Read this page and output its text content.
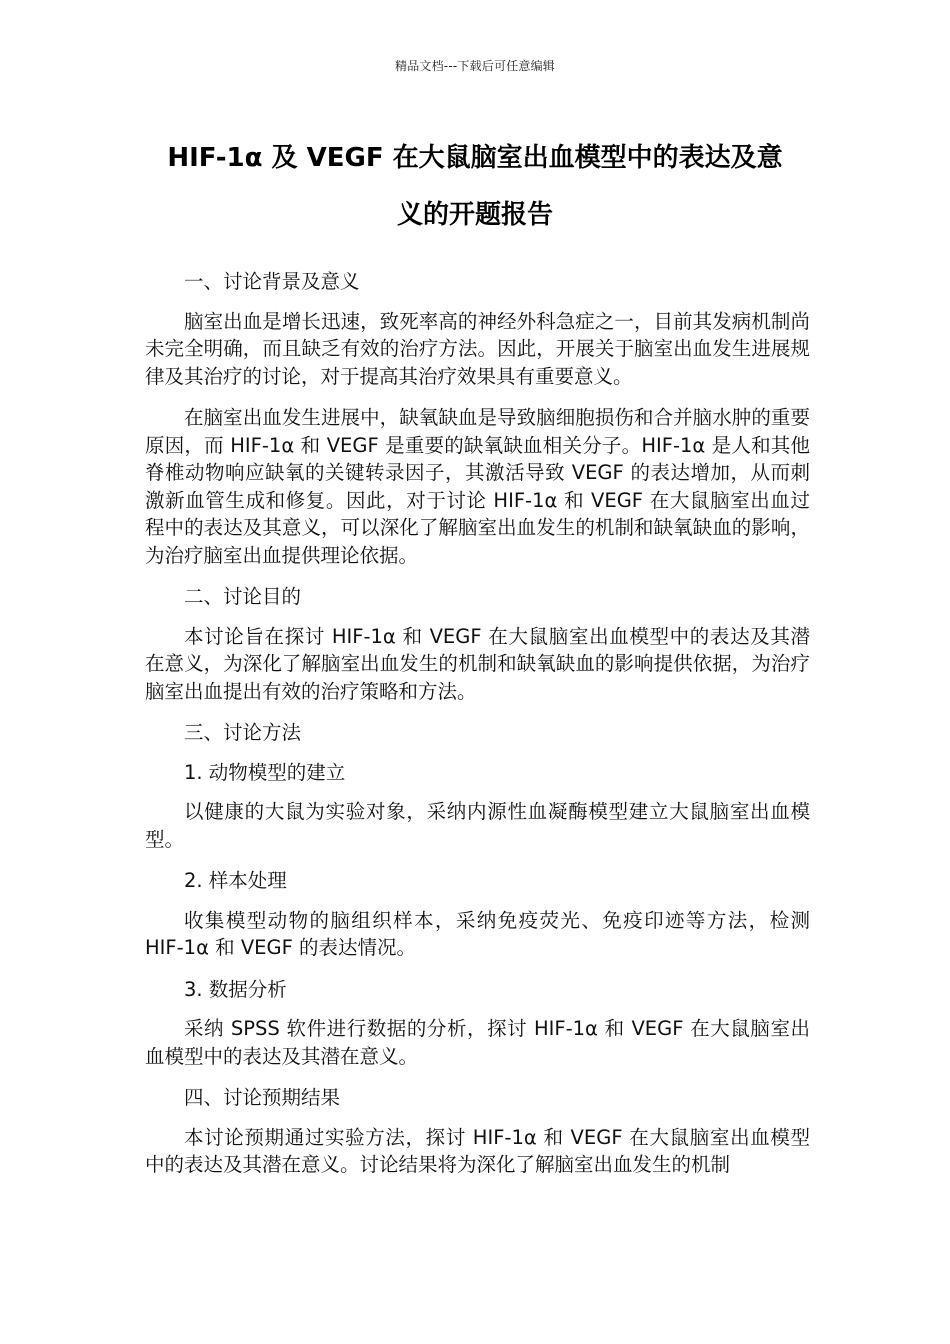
精品文档---下载后可任意编辑
HIF-1α 及 VEGF 在大鼠脑室出血模型中的表达及意
义的开题报告

一、讨论背景及意义

脑室出血是增长迅速，致死率高的神经外科急症之一，目前其发病机制尚未完全明确，而且缺乏有效的治疗方法。因此，开展关于脑室出血发生进展规律及其治疗的讨论，对于提高其治疗效果具有重要意义。

在脑室出血发生进展中，缺氧缺血是导致脑细胞损伤和合并脑水肿的重要原因，而 HIF-1α 和 VEGF 是重要的缺氧缺血相关分子。HIF-1α 是人和其他脊椎动物响应缺氧的关键转录因子，其激活导致 VEGF 的表达增加，从而刺激新血管生成和修复。因此，对于讨论 HIF-1α 和 VEGF 在大鼠脑室出血过程中的表达及其意义，可以深化了解脑室出血发生的机制和缺氧缺血的影响，为治疗脑室出血提供理论依据。

二、讨论目的

本讨论旨在探讨 HIF-1α 和 VEGF 在大鼠脑室出血模型中的表达及其潜在意义，为深化了解脑室出血发生的机制和缺氧缺血的影响提供依据，为治疗脑室出血提出有效的治疗策略和方法。

三、讨论方法

1. 动物模型的建立

以健康的大鼠为实验对象，采纳内源性血凝酶模型建立大鼠脑室出血模型。

2. 样本处理

收集模型动物的脑组织样本，采纳免疫荧光、免疫印迹等方法，检测 HIF-1α 和 VEGF 的表达情况。

3. 数据分析

采纳 SPSS 软件进行数据的分析，探讨 HIF-1α 和 VEGF 在大鼠脑室出血模型中的表达及其潜在意义。

四、讨论预期结果

本讨论预期通过实验方法，探讨 HIF-1α 和 VEGF 在大鼠脑室出血模型中的表达及其潜在意义。讨论结果将为深化了解脑室出血发生的机制
